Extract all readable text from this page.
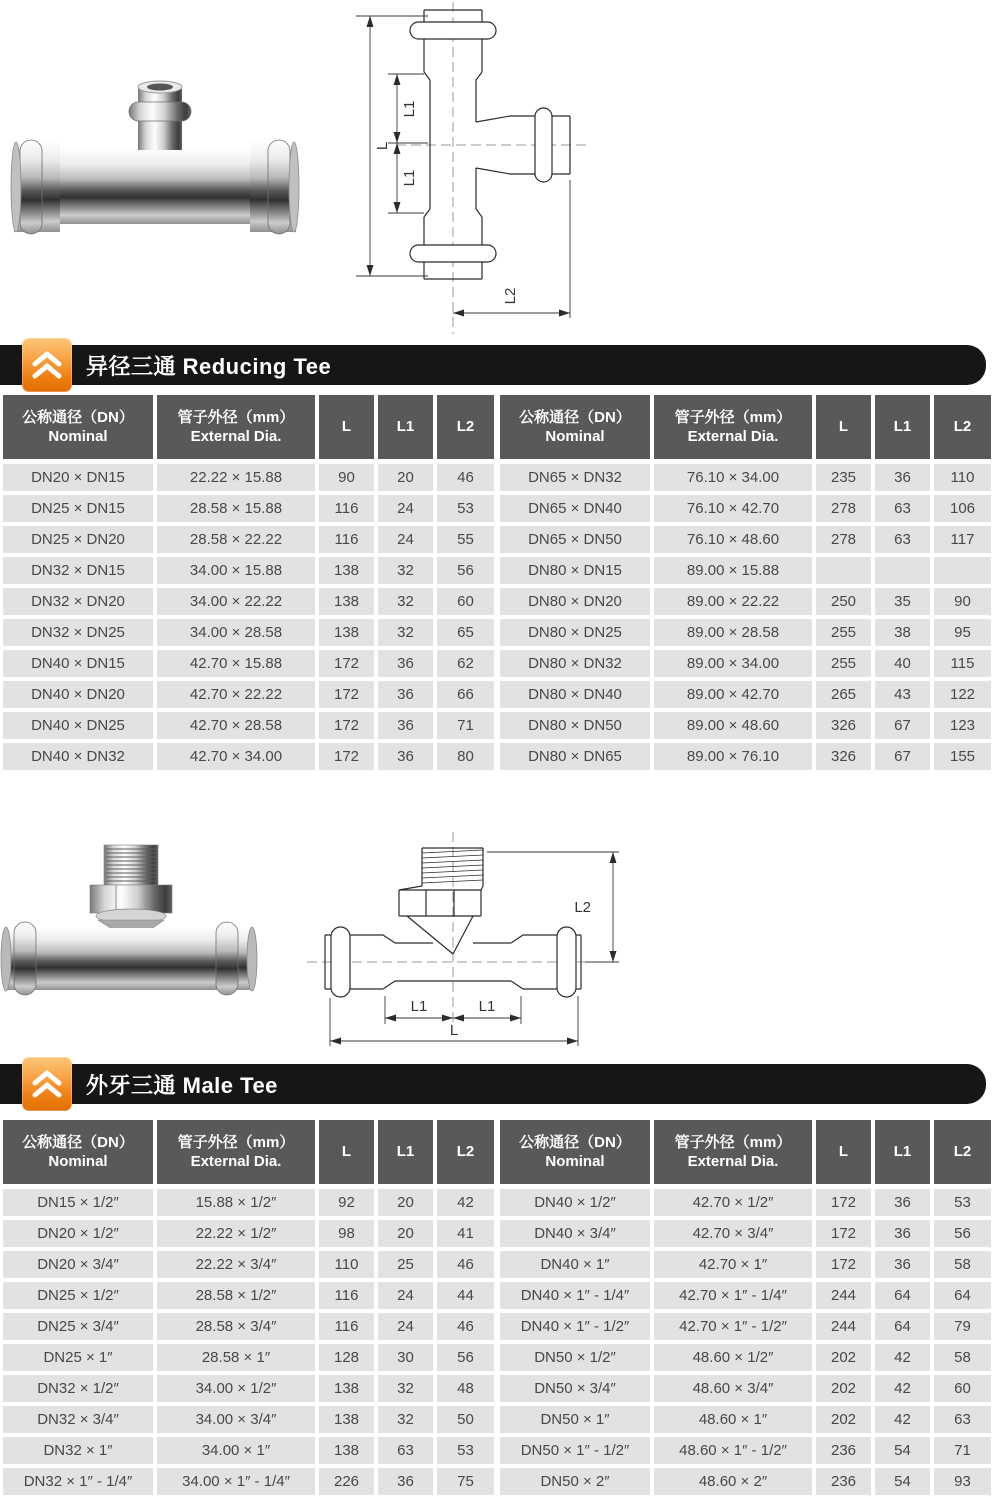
L
L1
L1
L2
异径三通 Reducing Tee
公称通径（DN）
Nominal
管子外径（mm）
External Dia.
L	L1	L2
DN20 × DN15	22.22 × 15.88	90	20	46
DN25 × DN15	28.58 × 15.88	116	24	53
DN25 × DN20	28.58 × 22.22	116	24	55
DN32 × DN15	34.00 × 15.88	138	32	56
DN32 × DN20	34.00 × 22.22	138	32	60
DN32 × DN25	34.00 × 28.58	138	32	65
DN40 × DN15	42.70 × 15.88	172	36	62
DN40 × DN20	42.70 × 22.22	172	36	66
DN40 × DN25	42.70 × 28.58	172	36	71
DN40 × DN32	42.70 × 34.00	172	36	80
公称通径（DN）
Nominal
管子外径（mm）
External Dia.
L	L1	L2
DN65 × DN32	76.10 × 34.00	235	36	110
DN65 × DN40	76.10 × 42.70	278	63	106
DN65 × DN50	76.10 × 48.60	278	63	117
DN80 × DN15	89.00 × 15.88
DN80 × DN20	89.00 × 22.22	250	35	90
DN80 × DN25	89.00 × 28.58	255	38	95
DN80 × DN32	89.00 × 34.00	255	40	115
DN80 × DN40	89.00 × 42.70	265	43	122
DN80 × DN50	89.00 × 48.60	326	67	123
DN80 × DN65	89.00 × 76.10	326	67	155
L2
L1	L1
L
外牙三通 Male Tee
公称通径（DN）
Nominal
管子外径（mm）
External Dia.
L	L1	L2
DN15 × 1/2″	15.88 × 1/2″	92	20	42
DN20 × 1/2″	22.22 × 1/2″	98	20	41
DN20 × 3/4″	22.22 × 3/4″	110	25	46
DN25 × 1/2″	28.58 × 1/2″	116	24	44
DN25 × 3/4″	28.58 × 3/4″	116	24	46
DN25 × 1″	28.58 × 1″	128	30	56
DN32 × 1/2″	34.00 × 1/2″	138	32	48
DN32 × 3/4″	34.00 × 3/4″	138	32	50
DN32 × 1″	34.00 × 1″	138	63	53
DN32 × 1″ - 1/4″	34.00 × 1″ - 1/4″	226	36	75
公称通径（DN）
Nominal
管子外径（mm）
External Dia.
L	L1	L2
DN40 × 1/2″	42.70 × 1/2″	172	36	53
DN40 × 3/4″	42.70 × 3/4″	172	36	56
DN40 × 1″	42.70 × 1″	172	36	58
DN40 × 1″ - 1/4″	42.70 × 1″ - 1/4″	244	64	64
DN40 × 1″ - 1/2″	42.70 × 1″ - 1/2″	244	64	79
DN50 × 1/2″	48.60 × 1/2″	202	42	58
DN50 × 3/4″	48.60 × 3/4″	202	42	60
DN50 × 1″	48.60 × 1″	202	42	63
DN50 × 1″ - 1/2″	48.60 × 1″ - 1/2″	236	54	71
DN50 × 2″	48.60 × 2″	236	54	93
